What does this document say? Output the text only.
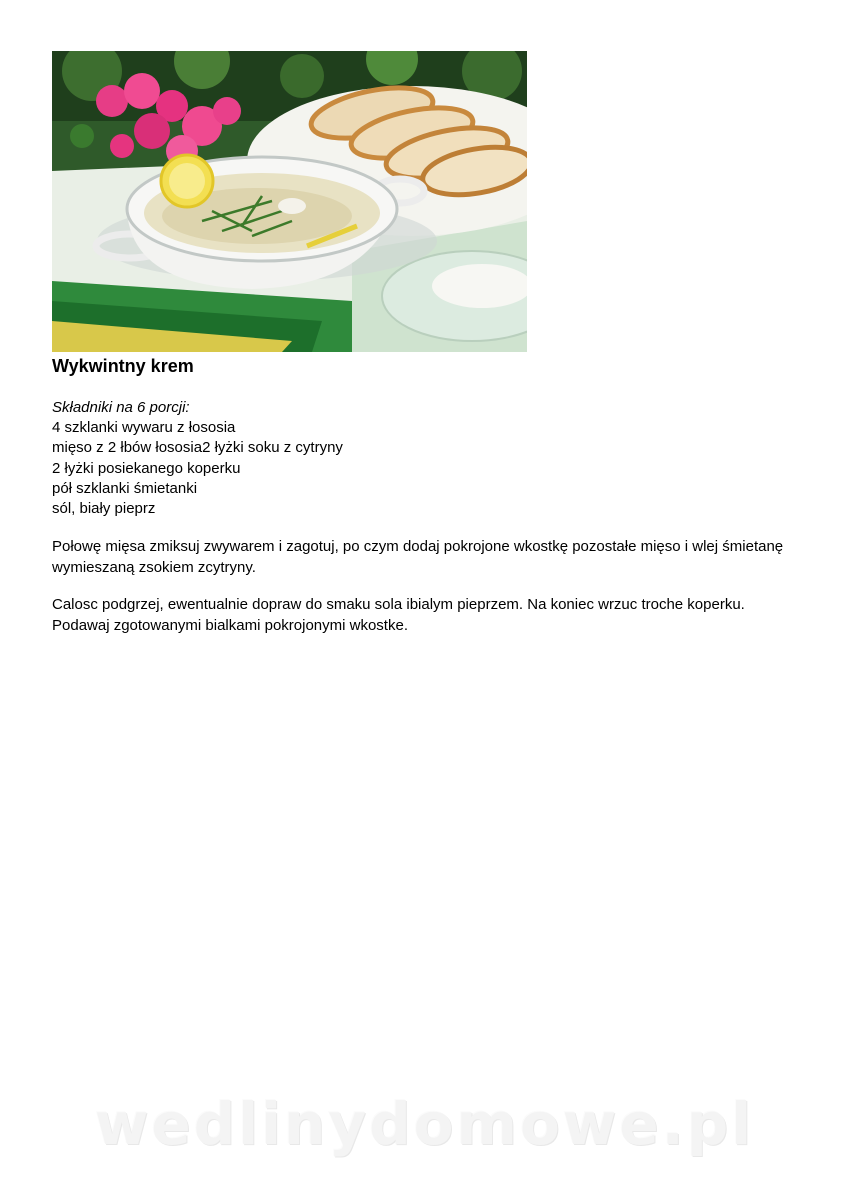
Wykwintny krem
Składniki na 6 porcji:
4 szklanki wywaru z łososia
mięso z 2 łbów łososia2 łyżki soku z cytryny
2 łyżki posiekanego koperku
pół szklanki śmietanki
sól, biały pieprz
Połowę mięsa zmiksuj zwywarem i zagotuj, po czym dodaj pokrojone wkostkę pozostałe mięso i wlej śmietanę wymieszaną zsokiem zcytryny.
Calosc podgrzej, ewentualnie dopraw do smaku sola ibialym pieprzem. Na koniec wrzuc troche koperku. Podawaj zgotowanymi bialkami pokrojonymi wkostke.
wedlinydomowe.pl
